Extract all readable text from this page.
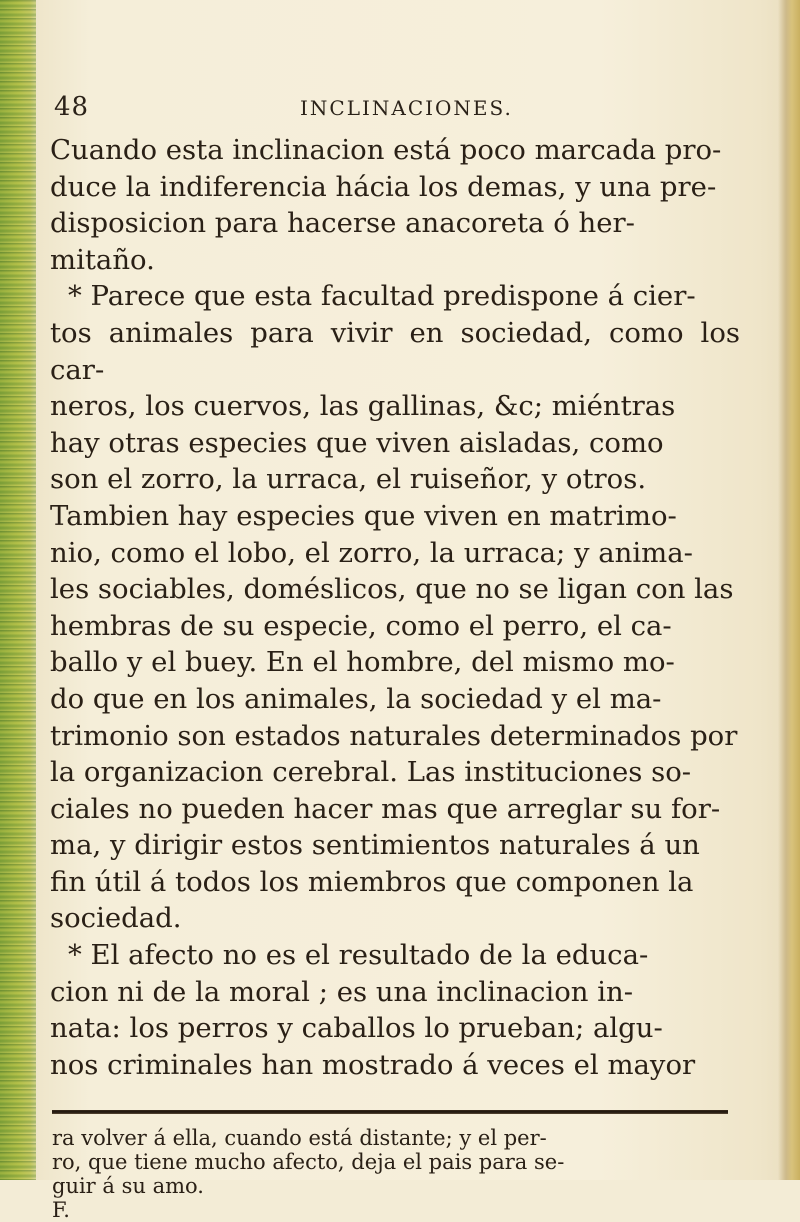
48	INCLINACIONES.

Cuando esta inclinacion está poco marcada pro-
duce la indiferencia hácia los demas, y una pre-
disposicion para hacerse anacoreta ó her-
mitaño.

* Parece que esta facultad predispone á cier-
tos animales para vivir en sociedad, como los car-
neros, los cuervos, las gallinas, &c; miéntras
hay otras especies que viven aisladas, como
son el zorro, la urraca, el ruiseñor, y otros.
Tambien hay especies que viven en matrimo-
nio, como el lobo, el zorro, la urraca; y anima-
les sociables, doméslicos, que no se ligan con las
hembras de su especie, como el perro, el ca-
ballo y el buey. En el hombre, del mismo mo-
do que en los animales, la sociedad y el ma-
trimonio son estados naturales determinados por
la organizacion cerebral. Las instituciones so-
ciales no pueden hacer mas que arreglar su for-
ma, y dirigir estos sentimientos naturales á un
fin útil á todos los miembros que componen la
sociedad.

* El afecto no es el resultado de la educa-
cion ni de la moral ; es una inclinacion in-
nata: los perros y caballos lo prueban; algu-
nos criminales han mostrado á veces el mayor

ra volver á ella, cuando está distante; y el per-
ro, que tiene mucho afecto, deja el pais para se-
guir á su amo.

F.
